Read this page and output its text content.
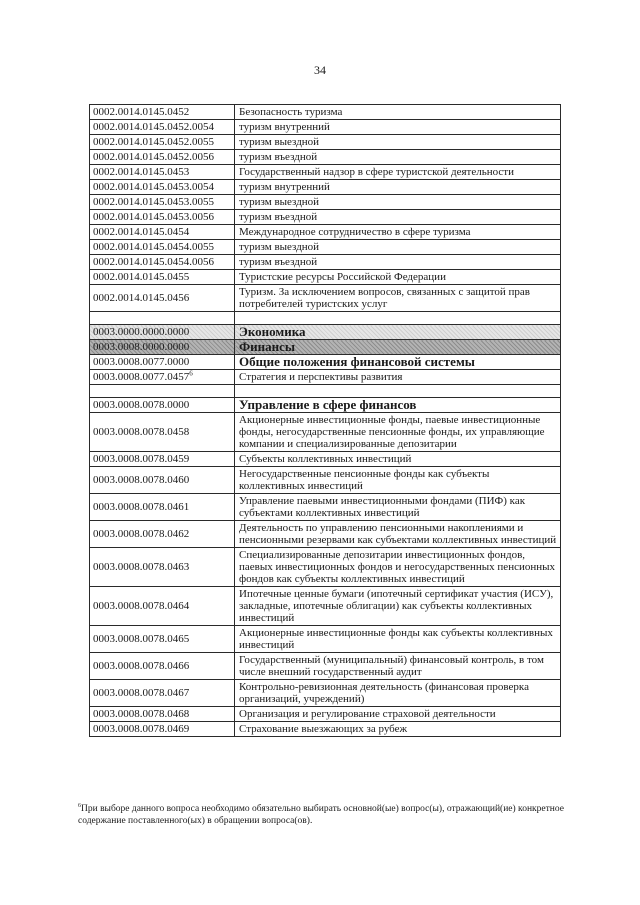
34
0002.0014.0145.0452	Безопасность туризма
0002.0014.0145.0452.0054	туризм внутренний
0002.0014.0145.0452.0055	туризм выездной
0002.0014.0145.0452.0056	туризм въездной
0002.0014.0145.0453	Государственный надзор в сфере туристской деятельности
0002.0014.0145.0453.0054	туризм внутренний
0002.0014.0145.0453.0055	туризм выездной
0002.0014.0145.0453.0056	туризм въездной
0002.0014.0145.0454	Международное сотрудничество в сфере туризма
0002.0014.0145.0454.0055	туризм выездной
0002.0014.0145.0454.0056	туризм въездной
0002.0014.0145.0455	Туристские ресурсы Российской Федерации
0002.0014.0145.0456	Туризм. За исключением вопросов, связанных с защитой прав потребителей туристских услуг

0003.0000.0000.0000	Экономика
0003.0008.0000.0000	Финансы
0003.0008.0077.0000	Общие положения финансовой системы
0003.0008.0077.0457$^6$	Стратегия и перспективы развития

0003.0008.0078.0000	Управление в сфере финансов
0003.0008.0078.0458	Акционерные инвестиционные фонды, паевые инвестиционные фонды, негосударственные пенсионные фонды, их управляющие компании и специализированные депозитарии
0003.0008.0078.0459	Субъекты коллективных инвестиций
0003.0008.0078.0460	Негосударственные пенсионные фонды как субъекты коллективных инвестиций
0003.0008.0078.0461	Управление паевыми инвестиционными фондами (ПИФ) как субъектами коллективных инвестиций
0003.0008.0078.0462	Деятельность по управлению пенсионными накоплениями и пенсионными резервами как субъектами коллективных инвестиций
0003.0008.0078.0463	Специализированные депозитарии инвестиционных фондов, паевых инвестиционных фондов и негосударственных пенсионных фондов как субъекты коллективных инвестиций
0003.0008.0078.0464	Ипотечные ценные бумаги (ипотечный сертификат участия (ИСУ), закладные, ипотечные облигации) как субъекты коллективных инвестиций
0003.0008.0078.0465	Акционерные инвестиционные фонды как субъекты коллективных инвестиций
0003.0008.0078.0466	Государственный (муниципальный) финансовый контроль, в том числе внешний государственный аудит
0003.0008.0078.0467	Контрольно-ревизионная деятельность (финансовая проверка организаций, учреждений)
0003.0008.0078.0468	Организация и регулирование страховой деятельности
0003.0008.0078.0469	Страхование выезжающих за рубеж
$^6$При выборе данного вопроса необходимо обязательно выбирать основной(ые) вопрос(ы), отражающий(ие) конкретное содержание поставленного(ых) в обращении вопроса(ов).
